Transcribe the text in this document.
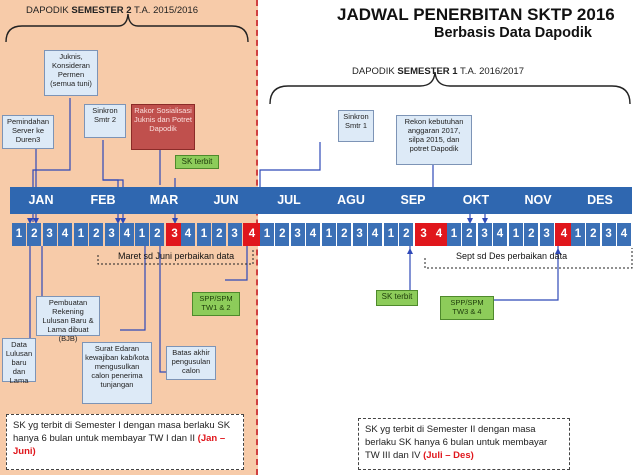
DAPODIK SEMESTER 2 T.A. 2015/2016
DAPODIK SEMESTER 1 T.A. 2016/2017
JADWAL PENERBITAN SKTP 2016
Berbasis Data Dapodik
JAN	FEB	MAR	JUN	JUL	AGU	SEP	OKT	NOV	DES
1 2 3 4 1 2 3 4 1 2 3 4 1 2 3 4 1 2 3 4 1 2 3 4 1 2 3 4 1 2 3 4 1 2 3 4 1 2 3 4
Juknis, Konsideran Permen (semua tuni)
Pemindahan Server ke Duren3
Sinkron Smtr 2
Rakor Sosialisasi Juknis dan Potret Dapodik
SK terbit
Sinkron Smtr 1	Rekon kebutuhan anggaran 2017, silpa 2015, dan potret Dapodik
Pembuatan Rekening Lulusan Baru & Lama dibuat (BJB)
Data Lulusan baru dan Lama
Surat Edaran kewajiban kab/kota mengusulkan calon penerima tunjangan
Batas akhir pengusulan calon
SPP/SPM TW1 & 2
SK terbit
SPP/SPM TW3 & 4
Maret sd Juni perbaikan data	Sept sd Des perbaikan data
SK yg terbit di Semester I dengan masa berlaku SK hanya 6 bulan untuk membayar TW I dan II (Jan – Juni)
SK yg terbit di Semester II dengan masa berlaku SK hanya 6 bulan untuk membayar TW III dan IV (Juli – Des)
